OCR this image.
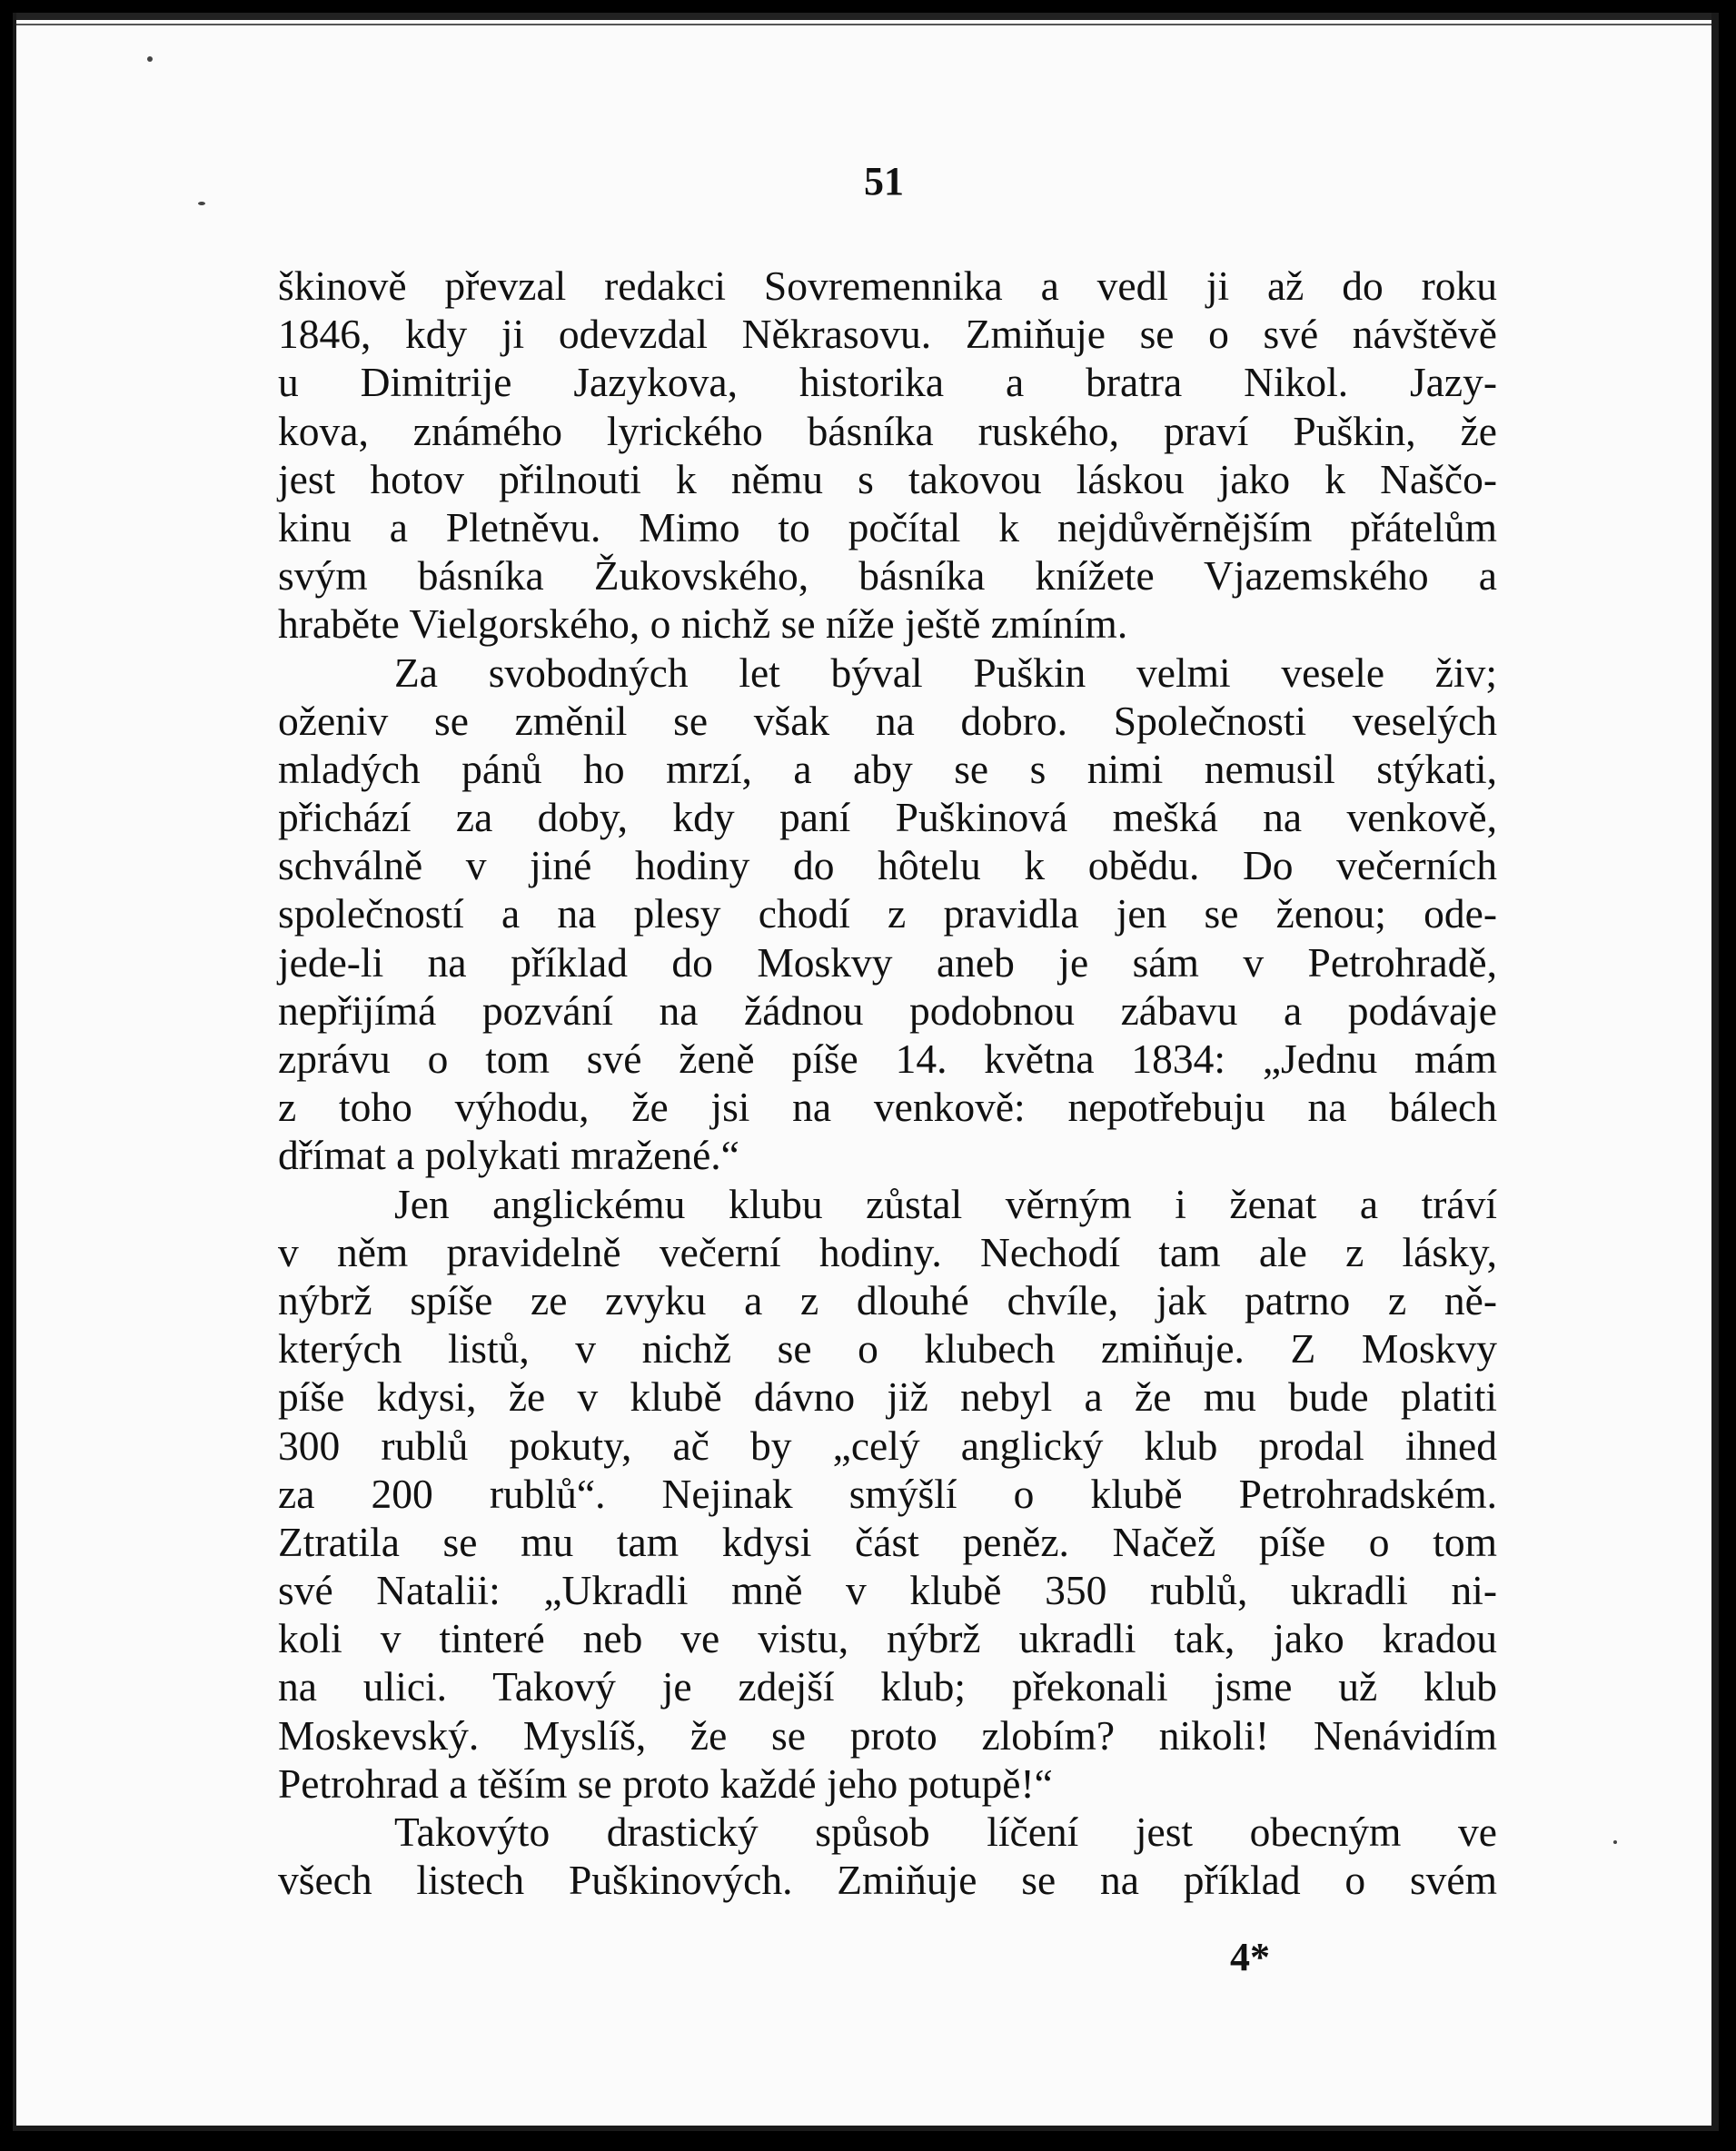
51
škinově převzal redakci Sovremennika a vedl ji až do roku
1846, kdy ji odevzdal Někrasovu. Zmiňuje se o své návštěvě
u Dimitrije Jazykova, historika a bratra Nikol. Jazy-
kova, známého lyrického básníka ruského, praví Puškin, že
jest hotov přilnouti k němu s takovou láskou jako k Naščo-
kinu a Pletněvu. Mimo to počítal k nejdůvěrnějším přátelům
svým básníka Žukovského, básníka knížete Vjazemského a
hraběte Vielgorského, o nichž se níže ještě zmíním.
Za svobodných let býval Puškin velmi vesele živ;
oženiv se změnil se však na dobro. Společnosti veselých
mladých pánů ho mrzí, a aby se s nimi nemusil stýkati,
přichází za doby, kdy paní Puškinová mešká na venkově,
schválně v jiné hodiny do hôtelu k obědu. Do večerních
společností a na plesy chodí z pravidla jen se ženou; ode-
jede-li na příklad do Moskvy aneb je sám v Petrohradě,
nepřijímá pozvání na žádnou podobnou zábavu a podávaje
zprávu o tom své ženě píše 14. května 1834: „Jednu mám
z toho výhodu, že jsi na venkově: nepotřebuju na bálech
dřímat a polykati mražené.“
Jen anglickému klubu zůstal věrným i ženat a tráví
v něm pravidelně večerní hodiny. Nechodí tam ale z lásky,
nýbrž spíše ze zvyku a z dlouhé chvíle, jak patrno z ně-
kterých listů, v nichž se o klubech zmiňuje. Z Moskvy
píše kdysi, že v klubě dávno již nebyl a že mu bude platiti
300 rublů pokuty, ač by „celý anglický klub prodal ihned
za 200 rublů“. Nejinak smýšlí o klubě Petrohradském.
Ztratila se mu tam kdysi část peněz. Načež píše o tom
své Natalii: „Ukradli mně v klubě 350 rublů, ukradli ni-
koli v tinteré neb ve vistu, nýbrž ukradli tak, jako kradou
na ulici. Takový je zdejší klub; překonali jsme už klub
Moskevský. Myslíš, že se proto zlobím? nikoli! Nenávidím
Petrohrad a těším se proto každé jeho potupě!“
Takovýto drastický spůsob líčení jest obecným ve
všech listech Puškinových. Zmiňuje se na příklad o svém
4*
